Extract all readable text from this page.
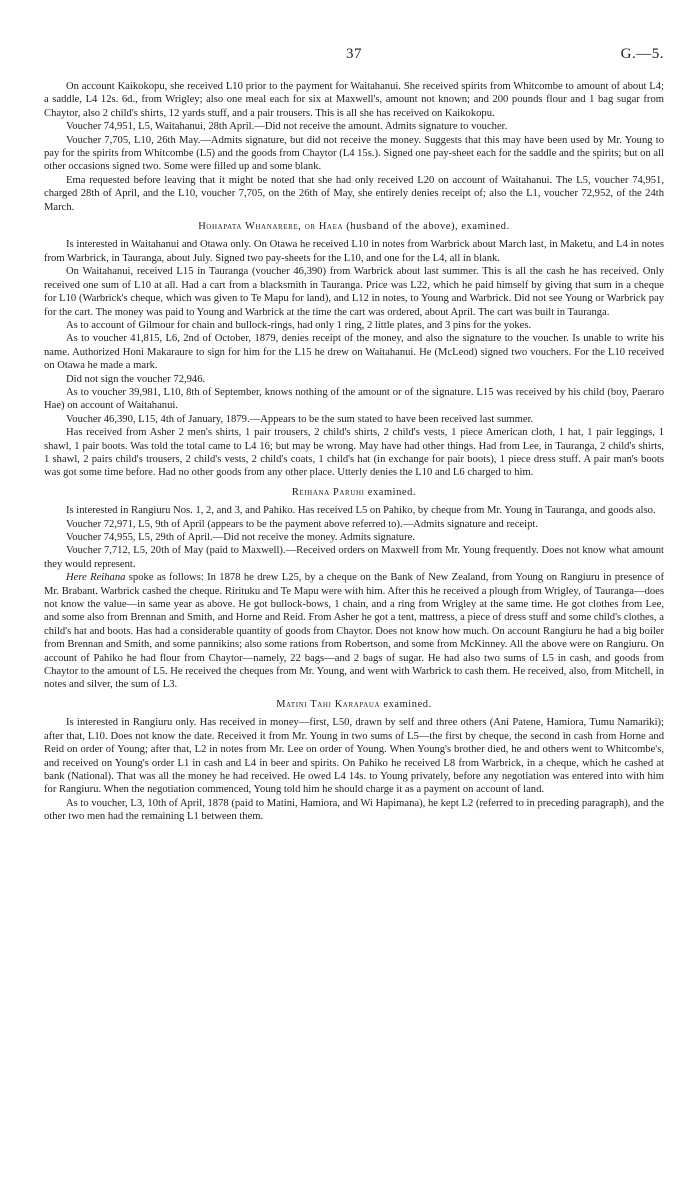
37	G.—5.

On account Kaikokopu, she received L10 prior to the payment for Waitahanui. She received spirits from Whitcombe to amount of about L4; a saddle, L4 12s. 6d., from Wrigley; also one meal each for six at Maxwell's, amount not known; and 200 pounds flour and 1 bag sugar from Chaytor, also 2 child's shirts, 12 yards stuff, and a pair trousers. This is all she has received on Kaikokopu.

Voucher 74,951, L5, Waitahanui, 28th April.—Did not receive the amount. Admits signature to voucher.

Voucher 7,705, L10, 26th May.—Admits signature, but did not receive the money. Suggests that this may have been used by Mr. Young to pay for the spirits from Whitcombe (L5) and the goods from Chaytor (L4 15s.). Signed one pay-sheet each for the saddle and the spirits; but on all other occasions signed two. Some were filled up and some blank.

Ema requested before leaving that it might be noted that she had only received L20 on account of Waitahanui. The L5, voucher 74,951, charged 28th of April, and the L10, voucher 7,705, on the 26th of May, she entirely denies receipt of; also the L1, voucher 72,952, of the 24th March.

Hohapata Whanarere, or Haea (husband of the above), examined.

Is interested in Waitahanui and Otawa only. On Otawa he received L10 in notes from Warbrick about March last, in Maketu, and L4 in notes from Warbrick, in Tauranga, about July. Signed two pay-sheets for the L10, and one for the L4, all in blank.

On Waitahanui, received L15 in Tauranga (voucher 46,390) from Warbrick about last summer. This is all the cash he has received. Only received one sum of L10 at all. Had a cart from a blacksmith in Tauranga. Price was L22, which he paid himself by giving that sum in a cheque for L10 (Warbrick's cheque, which was given to Te Mapu for land), and L12 in notes, to Young and Warbrick. Did not see Young or Warbrick pay for the cart. The money was paid to Young and Warbrick at the time the cart was ordered, about April. The cart was built in Tauranga.

As to account of Gilmour for chain and bullock-rings, had only 1 ring, 2 little plates, and 3 pins for the yokes.

As to voucher 41,815, L6, 2nd of October, 1879, denies receipt of the money, and also the signature to the voucher. Is unable to write his name. Authorized Honi Makaraure to sign for him for the L15 he drew on Waitahanui. He (McLeod) signed two vouchers. For the L10 received on Otawa he made a mark.

Did not sign the voucher 72,946.

As to voucher 39,981, L10, 8th of September, knows nothing of the amount or of the signature. L15 was received by his child (boy, Paeraro Hae) on account of Waitahanui.

Voucher 46,390, L15, 4th of January, 1879.—Appears to be the sum stated to have been received last summer.

Has received from Asher 2 men's shirts, 1 pair trousers, 2 child's shirts, 2 child's vests, 1 piece American cloth, 1 hat, 1 pair leggings, 1 shawl, 1 pair boots. Was told the total came to L4 16; but may be wrong. May have had other things. Had from Lee, in Tauranga, 2 child's shirts, 1 shawl, 2 pairs child's trousers, 2 child's vests, 2 child's coats, 1 child's hat (in exchange for pair boots), 1 piece dress stuff. A pair man's boots was got some time before. Had no other goods from any other place. Utterly denies the L10 and L6 charged to him.

Reihana Paruhi examined.

Is interested in Rangiuru Nos. 1, 2, and 3, and Pahiko. Has received L5 on Pahiko, by cheque from Mr. Young in Tauranga, and goods also.

Voucher 72,971, L5, 9th of April (appears to be the payment above referred to).—Admits signature and receipt.

Voucher 74,955, L5, 29th of April.—Did not receive the money. Admits signature.

Voucher 7,712, L5, 20th of May (paid to Maxwell).—Received orders on Maxwell from Mr. Young frequently. Does not know what amount they would represent.

Here Reihana spoke as follows: In 1878 he drew L25, by a cheque on the Bank of New Zealand, from Young on Rangiuru in presence of Mr. Brabant. Warbrick cashed the cheque. Rirituku and Te Mapu were with him. After this he received a plough from Wrigley, of Tauranga—does not know the value—in same year as above. He got bullock-bows, 1 chain, and a ring from Wrigley at the same time. He got clothes from Lee, and some also from Brennan and Smith, and Horne and Reid. From Asher he got a tent, mattress, a piece of dress stuff and some child's clothes, a child's hat and boots. Has had a considerable quantity of goods from Chaytor. Does not know how much. On account Rangiuru he had a big boiler from Brennan and Smith, and some pannikins; also some rations from Robertson, and some from McKinney. All the above were on Rangiuru. On account of Pahiko he had flour from Chaytor—namely, 22 bags—and 2 bags of sugar. He had also two sums of L5 in cash, and goods from Chaytor to the amount of L5. He received the cheques from Mr. Young, and went with Warbrick to cash them. He received, also, from Mitchell, in notes and silver, the sum of L3.

Matini Tahi Karapaua examined.

Is interested in Rangiuru only. Has received in money—first, L50, drawn by self and three others (Ani Patene, Hamiora, Tumu Namariki); after that, L10. Does not know the date. Received it from Mr. Young in two sums of L5—the first by cheque, the second in cash from Horne and Reid on order of Young; after that, L2 in notes from Mr. Lee on order of Young. When Young's brother died, he and others went to Whitcombe's, and received on Young's order L1 in cash and L4 in beer and spirits. On Pahiko he received L8 from Warbrick, in a cheque, which he cashed at bank (National). That was all the money he had received. He owed L4 14s. to Young privately, before any negotiation was entered into with him for Rangiuru. When the negotiation commenced, Young told him he should charge it as a payment on account of land.

As to voucher, L3, 10th of April, 1878 (paid to Matini, Hamiora, and Wi Hapimana), he kept L2 (referred to in preceding paragraph), and the other two men had the remaining L1 between them.
